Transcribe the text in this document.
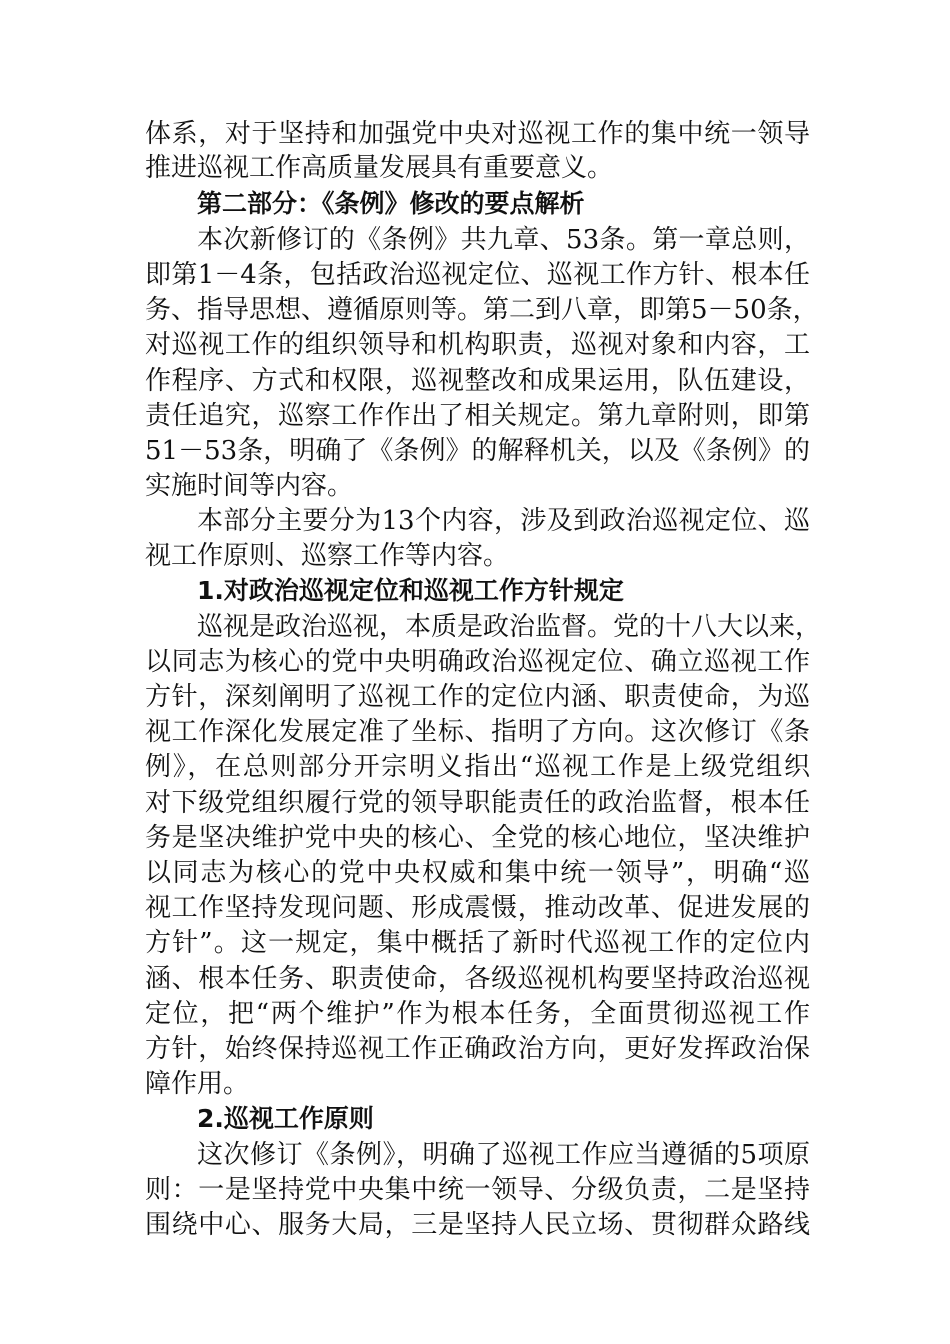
体系，对于坚持和加强党中央对巡视工作的集中统一领导
推进巡视工作高质量发展具有重要意义。
第二部分：《条例》修改的要点解析
本次新修订的《条例》共九章、53条。第一章总则，
即第1－4条，包括政治巡视定位、巡视工作方针、根本任
务、指导思想、遵循原则等。第二到八章，即第5－50条，
对巡视工作的组织领导和机构职责，巡视对象和内容，工
作程序、方式和权限，巡视整改和成果运用，队伍建设，
责任追究，巡察工作作出了相关规定。第九章附则，即第
51－53条，明确了《条例》的解释机关，以及《条例》的
实施时间等内容。
本部分主要分为13个内容，涉及到政治巡视定位、巡
视工作原则、巡察工作等内容。
1.对政治巡视定位和巡视工作方针规定
巡视是政治巡视，本质是政治监督。党的十八大以来，
以同志为核心的党中央明确政治巡视定位、确立巡视工作
方针，深刻阐明了巡视工作的定位内涵、职责使命，为巡
视工作深化发展定准了坐标、指明了方向。这次修订《条
例》，在总则部分开宗明义指出“巡视工作是上级党组织
对下级党组织履行党的领导职能责任的政治监督，根本任
务是坚决维护党中央的核心、全党的核心地位，坚决维护
以同志为核心的党中央权威和集中统一领导”，明确“巡
视工作坚持发现问题、形成震慑，推动改革、促进发展的
方针”。这一规定，集中概括了新时代巡视工作的定位内
涵、根本任务、职责使命，各级巡视机构要坚持政治巡视
定位，把“两个维护”作为根本任务，全面贯彻巡视工作
方针，始终保持巡视工作正确政治方向，更好发挥政治保
障作用。
2.巡视工作原则
这次修订《条例》，明确了巡视工作应当遵循的5项原
则：一是坚持党中央集中统一领导、分级负责，二是坚持
围绕中心、服务大局，三是坚持人民立场、贯彻群众路线
